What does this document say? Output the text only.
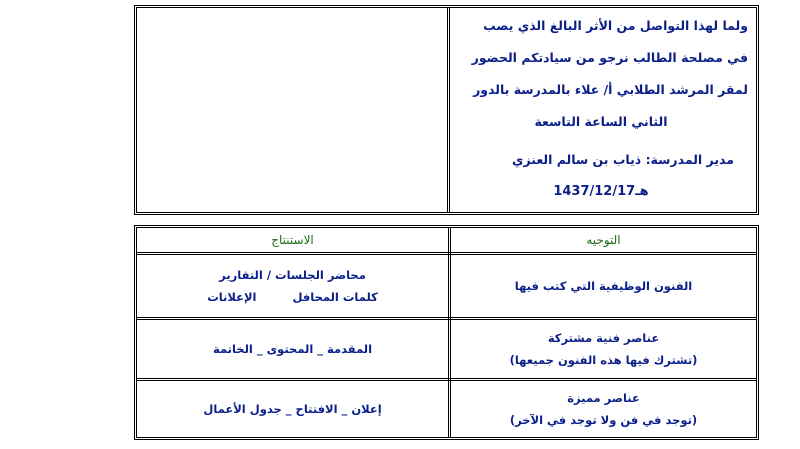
ولما لهذا التواصل من الأثر البالغ الذي يصب
في مصلحة الطالب نرجو من سيادتكم الحضور
لمقر المرشد الطلابي أ/ علاء بالمدرسة بالدور
الثاني الساعة التاسعة
مدير المدرسة: ذياب بن سالم العنزي
1437/12/17هـ
التوجيه
الاستنتاج
الفنون الوظيفية التي كتب فيها
محاضر الجلسات / التقارير
كلمات المحافلالإعلانات
عناصر فنية مشتركة
(تشترك فيها هذه الفنون جميعها)
المقدمة _ المحتوى _ الخاتمة
عناصر مميزة
(توجد في فن ولا توجد في الآخر)
إعلان _ الافتتاح _ جدول الأعمال
